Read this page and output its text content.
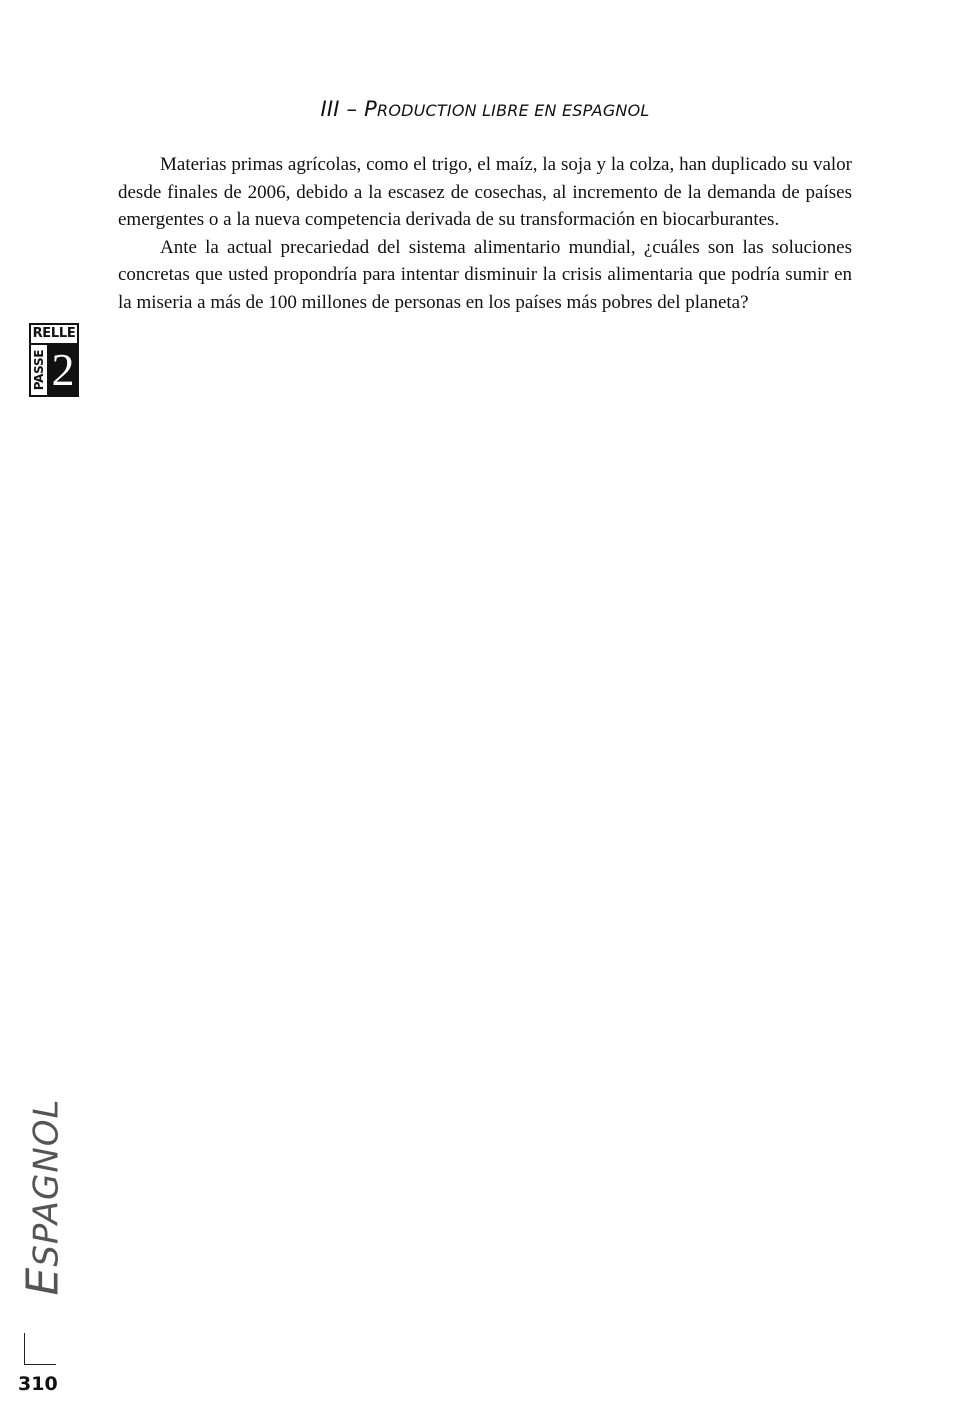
III – PRODUCTION LIBRE EN ESPAGNOL

Materias primas agrícolas, como el trigo, el maíz, la soja y la colza, han duplicado su valor desde finales de 2006, debido a la escasez de cosechas, al incremento de la demanda de países emergentes o a la nueva competencia derivada de su transformación en biocarburantes.

Ante la actual precariedad del sistema alimentario mundial, ¿cuáles son las soluciones concretas que usted propondría para intentar disminuir la crisis alimentaria que podría sumir en la miseria a más de 100 millones de personas en los países más pobres del planeta?

RELLE
PASSE 2
ESPAGNOL
310
